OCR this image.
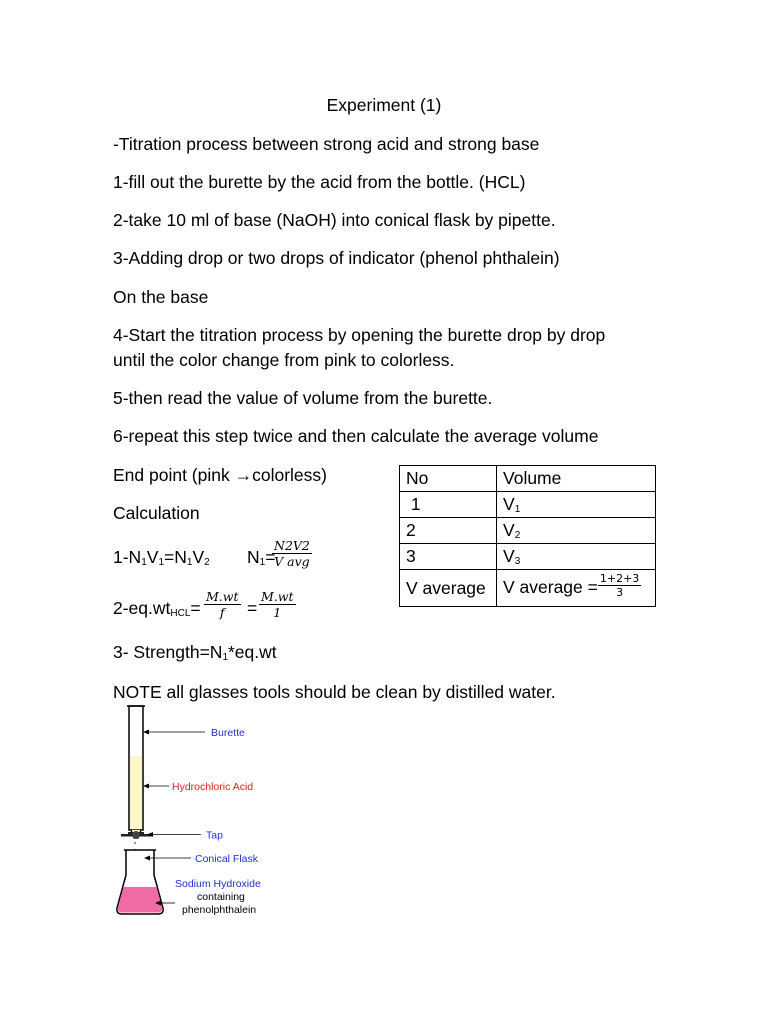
Experiment (1)
-Titration process between strong acid and strong base
1-fill out the burette by the acid from the bottle. (HCL)
2-take 10 ml of base (NaOH) into conical flask by pipette.
3-Adding drop or two drops of indicator (phenol phthalein)
On the base
4-Start the titration process by opening the burette drop by drop
until the color change from pink to colorless.
5-then read the value of volume from the burette.
6-repeat this step twice and then calculate the average volume
End point (pink →colorless)
Calculation
$1-N_1V_1=N_1V_2$ $N_1=$
N2V2
V avg
$2-eq.wt_{HCL}= \frac{M.wt}{f} = \frac{M.wt}{1}$
3- $Strength=N_1*eq.wt$
NOTE all glasses tools should be clean by distilled water.
No	Volume
1	$V_1$
2	$V_2$
3	$V_3$
V average	V average = $\frac{1+2+3}{3}$
Burette
Hydrochloric Acid
Tap
Conical Flask
Sodium Hydroxide
containing
phenolphthalein
